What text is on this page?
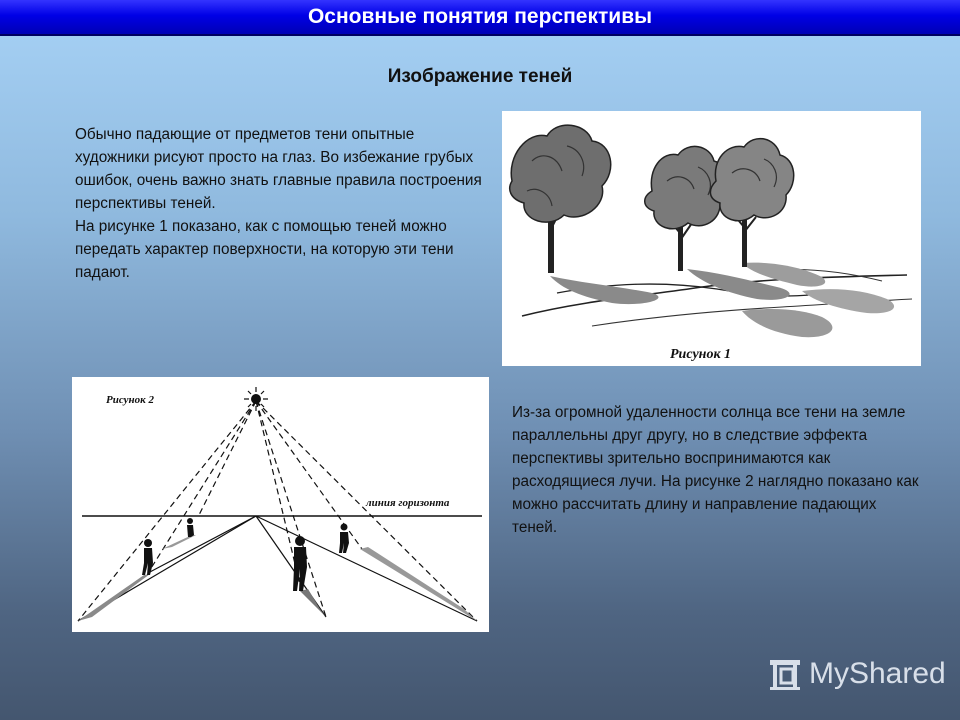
Основные понятия перспективы
Изображение теней

Обычно падающие от предметов тени опытные художники рисуют просто на глаз. Во избежание грубых ошибок, очень важно знать главные правила построения перспективы теней.

На рисунке 1 показано, как с помощью теней можно передать характер поверхности, на которую эти тени падают.

Рисунок 1
Рисунок 2
линия горизонта

Из-за огромной удаленности солнца все тени на земле параллельны друг другу, но в следствие эффекта перспективы зрительно воспринимаются как расходящиеся лучи. На рисунке 2 наглядно показано как можно рассчитать длину и направление падающих теней.

MyShared
